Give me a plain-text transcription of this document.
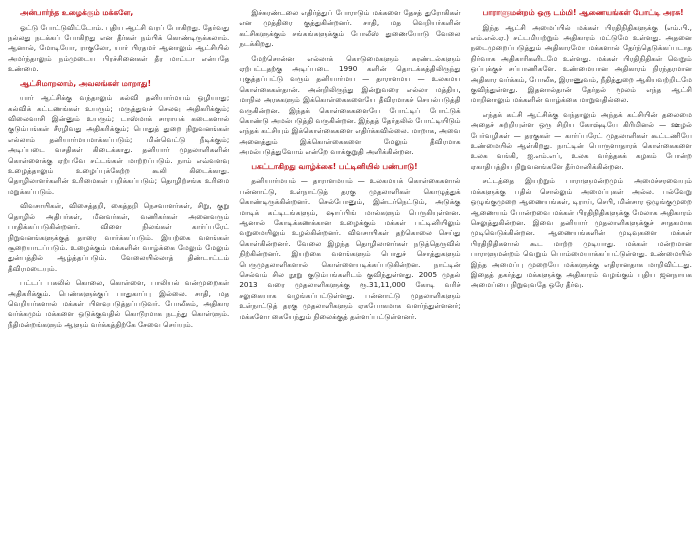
அன்பார்ந்த உழைக்கும் மக்களே,

ஓட்டு போட்டுவிட்டோம். புதிய ஆட்சி வரப் போகிறது. தேர்வது நல்லது நடக்கப் போகிறது என தீர்கள் நம்பிக் கொண்டிருக்கலாம். ஆனால், மோடியோ, ராகுலோ, யார் பிரதமர் ஆனாலும் ஆட்சியில் அமர்ந்தாலும் நம்முடைய பிரச்சினைகள் தீர மாட்டா என்பதே உண்மை.

ஆட்சிமாறலாம், அவலங்கள் மாறாது!

யார் ஆட்சிக்கு வந்தாலும் கல்வி தனியார்மயம் ஒழியாது; கல்விக் கட்டணங்கள் உயரும்; மருத்துவச் செலவு அதிகரிக்கும்; விலைவாசி இன்னும் உயரும்; டாஸ்மாக் சாராயக் கடைகளால் குடும்பங்கள் சீரழிவது அதிகரிக்கும்; பொதுத் துறை நிறுவனங்கள் எல்லாம் தனியார்மயமாக்கப்படும்; மின்வெட்டு நீடிக்கும்; அடிப்படை வசதிகள் கிடைக்காது. தனியார் முதலாளிகளின் கொள்ளைக்கு ஏற்பவே சட்டங்கள் மாற்றப்படும். நாம் எவ்வளவு உழைத்தாலும் உழைப்புக்கேற்ற கூலி கிடைக்காது. தொழிலாளர்களின் உரிமைகள் பறிக்கப்படும்; தொழிற்சங்க உரிமை மறுக்கப்படும்.

விவசாயிகள், விசைத்தறி, கைத்தறி நெசவாளர்கள், சிறு, குறு தொழில் அதிபர்கள், மீனவர்கள், வணிகர்கள் அனைவரும் பாதிக்கப்படுகின்றனர். விளை நிலங்கள் கார்ப்பரேட் நிறுவனங்களுக்குத் தாரை வார்க்கப்படும். இயற்கை வளங்கள் சூறையாடப்படும். உழைக்கும் மக்களின் வாழ்க்கை மேலும் மேலும் துன்பத்தில் ஆழ்த்தப்படும். வேலையில்லாத் திண்டாட்டம் தீவிரமடையும்.

பட்டப் பகலில் கொலை, கொள்ளை, பாலியல் வன்முறைகள் அதிகரிக்கும். பெண்களுக்குப் பாதுகாப்பு இல்லை. சாதி, மத வெறியர்களால் மக்கள் பிளவுபடுத்தப்படுவர். போலீசும், அதிகார வர்க்கமும் மக்களை ஒடுக்குவதில் கொடூரமாக நடந்து கொள்ளும். நீதிமன்றங்களும் ஆளும் வர்க்கத்திற்கே சேவை செய்யும்.

இச்சுரண்டலை எதிர்த்துப் போராடும் மக்களை தேசத் துரோகிகள் என முத்திரை குத்துகின்றனர். சாதி, மத வெறியர்களின் கட்சிகளுக்கும் சங்கங்களுக்கும் போலீஸ் துணையோடு வேலை நடக்கிறது.

மேற்சொன்ன எல்லாக் கொடுமைகளும் சுரண்டல்களும் ஏற்பட்டதற்கு அடிப்படை 1990 களின் தொடக்கத்திலிருந்து புகுத்தப்பட்டு வரும் தனியார்மய — தாராளமய — உலகமய கொள்கைகள்தான். அன்றிலிருந்து இன்றுவரை எல்லா மத்திய, மாநில அரசுகளும் இக்கொள்கைகளையே தீவிரமாகச் செயல்படுத்தி வருகின்றன. இந்தக் கொள்கைகளையே போட்டிப் போட்டுக் கொண்டு அமல்படுத்தி வருகின்றன. இந்தத் தேர்தலில் போட்டியிடும் எந்தக் கட்சியும் இக்கொள்கைகளை எதிர்க்கவில்லை. மாறாக, அவை அனைத்தும் இக்கொள்கைகளை மேலும் தீவிரமாக அமல்படுத்துவோம் என்றே வாக்குறுதி அளிக்கின்றன.

பகட்டாகிறது வாழ்க்கை! பட்டினியில் பண்பாடு!

தனியார்மயம் — தாராளமயம் — உலகமயக் கொள்கைகளால் பன்னாட்டு, உள்நாட்டுத் தரகு முதலாளிகள் கொழுத்துக் கொண்டிருக்கின்றனர். செல்போனும், இன்டர்நெட்டும், அடுக்கு மாடிக் கட்டிடங்களும், ஷாப்பிங் மால்களும் பெருகியுள்ளன. ஆனால் கோடிக்கணக்கான உழைக்கும் மக்கள் பட்டினியிலும் வறுமையிலும் உழல்கின்றனர். விவசாயிகள் தற்கொலை செய்து கொள்கின்றனர். வேலை இழந்த தொழிலாளர்கள் நடுத்தெருவில் நிற்கின்றனர். இயற்கை வளங்களும் பொதுச் சொத்துகளும் பெருமுதலாளிகளால் கொள்ளையடிக்கப்படுகின்றன. நாட்டின் செல்வம் சில நூறு குடும்பங்களிடம் குவிந்துள்ளது. 2005 முதல் 2013 வரை முதலாளிகளுக்கு ரூ.31,11,000 கோடி வரிச் சலுகையாக வழங்கப்பட்டுள்ளது. பன்னாட்டு முதலாளிகளும் உள்நாட்டுத் தரகு முதலாளிகளும் ஏகபோகமாக வளர்ந்துள்ளனர்; மக்களோ கையேந்தும் நிலைக்குத் தள்ளப்பட்டுள்ளனர்.

பாராளுமன்றம் ஒரு டம்மி! ஆணையங்கள் போட்டி அரசு!

இந்த ஆட்சி அமைப்பில் மக்கள் பிரதிநிதிகளுக்கு (எம்.பி., எம்.எல்.ஏ.) சட்டமியற்றும் அதிகாரம் மட்டுமே உள்ளது. அதனை நடைமுறைப்படுத்தும் அதிகாரமோ மக்களால் தேர்ந்தெடுக்கப்படாத நிர்வாக அதிகாரிகளிடமே உள்ளது. மக்கள் பிரதிநிதிகள் வெறும் ஒப்புக்குச் சப்பாணிகளே. உண்மையான அதிகாரம் நிரந்தரமான அதிகார வர்க்கம், போலீசு, இராணுவம், நீதித்துறை ஆகியவற்றிடமே குவிந்துள்ளது. இதனால்தான் தேர்தல் மூலம் எந்த ஆட்சி மாறினாலும் மக்களின் வாழ்க்கை மாறுவதில்லை.

எந்தக் கட்சி ஆட்சிக்கு வந்தாலும் அந்தக் கட்சியின் தலைமை அதைச் சுற்றியுள்ள ஒரு சிறிய கோஷ்டியே கிரிமினல் — ஊழல் பேர்வழிகள் — தரகுகள் — கார்ப்பரேட் முதலாளிகள் கூட்டணியே உண்மையில் ஆள்கிறது. நாட்டின் பொருளாதாரக் கொள்கைகளை உலக வங்கி, ஐ.எம்.எப், உலக வர்த்தகக் கழகம் போன்ற ஏகாதிபத்திய நிறுவனங்களே தீர்மானிக்கின்றன.

சட்டத்தை இயற்றும் பாராளுமன்றமும் அமைச்சரவையும் மக்களுக்கு பதில் சொல்லும் அமைப்புகள் அல்ல. பல்வேறு ஒழுங்குமுறை ஆணையங்கள், டிராய், செபி, மின்சார ஒழுங்குமுறை ஆணையம் போன்றவை மக்கள் பிரதிநிதிகளுக்கு மேலாக அதிகாரம் செலுத்துகின்றன. இவை தனியார் முதலாளிகளுக்குச் சாதகமாக முடிவெடுக்கின்றன. ஆணையங்களின் முடிவுகளை மக்கள் பிரதிநிதிகளால் கூட மாற்ற முடியாது. மக்கள் மன்றமான பாராளுமன்றம் வெறும் பொம்மையாக்கப்பட்டுள்ளது. உண்மையில் இந்த அமைப்பு முறையே மக்களுக்கு எதிரானதாக மாறிவிட்டது. இதைத் தகர்த்து மக்களுக்கு அதிகாரம் வழங்கும் புதிய ஜனநாயக அமைப்பை நிறுவுவதே ஒரே தீர்வு.
